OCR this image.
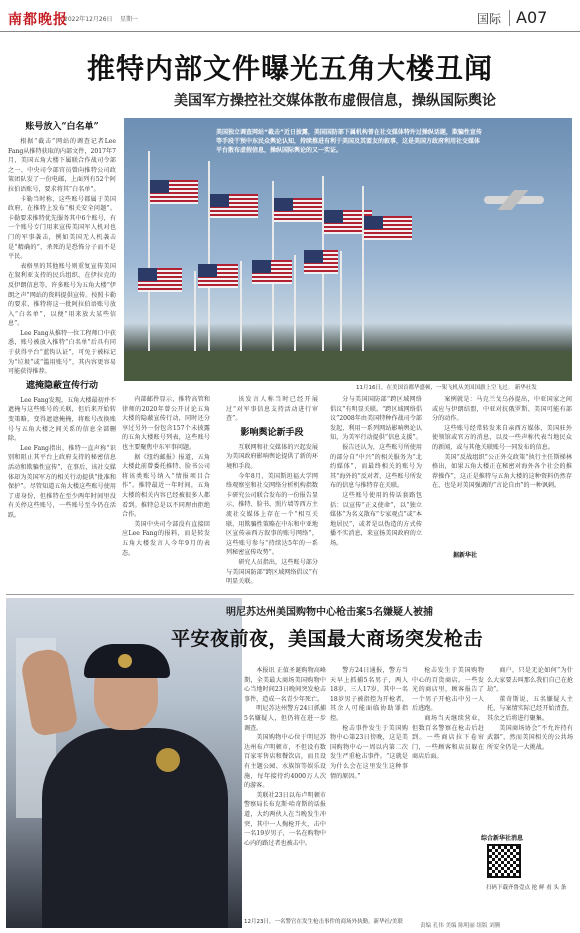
南都晚报
2022年12月26日 星期一	国际 A07
推特内部文件曝光五角大楼丑闻
美国军方操控社交媒体散布虚假信息，操纵国际舆论
账号放入“白名单”

根据“截击”网站的调查记者Lee Fang从推特获取的内部文件，2017年7月，美国五角大楼下属联合作战司令部之一、中央司令部官员曾向推特公司政策团队发了一份电邮，上面列有52个阿拉伯语账号，要求将其“白名单”。

卡勒当时称，这些账号都属于美国政府，在推特上发布“相关安全问题”。卡勒要求推特优先服务其中6个账号，有一个账号专门用来宣传美国军人机对也门的军事袭击，例如美国无人机袭击是“精确的”，杀死的是恐怖分子而不是平民。

表格里的其他账号则重复宣传美国在叙利亚支持的民兵组织、在伊拉克的反伊朗信息等。许多账号为五角大楼“伊朗之声”网站的资料提供宣传。按照卡勒的要求，推特将这一批阿拉伯语账号放入“白名单”，以便“用来放大某些信息”。

Lee Fang从推特一位工程师口中获悉，账号被放入推特“白名单”后具有同于获得平台“蓝钩认证”，可免于被标记为“垃圾”或“滥用账号”，其内容更容易可能获得推荐。

遮掩隐蔽宣传行动

Lee Fang发现，五角大楼最初并不遮掩与这些账号的关联，但后来开始转变策略，变得遮遮掩掩，将账号改换账号与五角大楼之间关系的信息全部删除。

Lee Fang指出，推特一直声称“识别和阻止其平台上政府支持的秘密信息活动和欺骗性宣传”，在事后，该社交媒体却为美国军方的相关行动提供“批准和保护”。尽管知道五角大楼这些账号使用了虚身份，但推特在至少两年时间里没有关停这些账号，一些账号至今仍在活跃。

美国独立调查网站“截击”近日披露，美国国防部下属机构曾在社交媒体特许过操纵话题，欺骗性宣传等手段干预中东民众舆论认知，持续推进有利于美国及其盟友的叙事，这是美国方政府利用社交媒体平台散布虚假信息，操纵国际舆论的又一实证。
11月16日，在美国首都华盛顿，一架飞机从美国国旗上空飞过。 新华社发

内部邮件显示，推特高管和律师的2020年曾公开讨论五角大楼的隐蔽宣传行动，同时还分享过另外一份包含157个未披露的五角大楼账号列表，这些账号也主要聚焦中东军事问题。

据《纽约邮报》报道，五角大楼此前曾委托推特、脸书公司将该类账号纳入“情报项目合作”。推特最近一年时间，五角大楼的相关内容已经被很多人都看到。推特总是以不同理由拒绝合作。

美国中央司令部没有直接回应Lee Fang的报料，而是转发五角大楼发言人今年9月的表态。

该发言人称当时已经开展过“对军事信息支持活动进行审查”。

影响舆论新手段

互联网和社交媒体的兴起发展为美国政府影响舆论提供了新的环境和手段。

今年8月，美国斯坦福大学网络观察室和社交网络分析机构指数卡研究公司联合发布的一份报告显示，推特、脸书、照片墙等西方主流社交媒体上存在一个“相互关联、用欺骗性策略在中东和中亚地区宣传亲西方叙事的账号网络”，这些账号参与“持续达5年的一系列秘密宣传攻势”。

研究人员指出，这些账号部分与美国国防部“跨区域网络倡议”有明显关联。

分与美国国防部“跨区域网络倡议”有明显关联。“跨区域网络倡议”2008年由美国特种作战司令部发起，利用一系列网站影响舆论认知，为美军行动提供“信息支援”。

报告还认为，这些账号所使用的部分自“中兴”的相关服务为“北约媒体”，而最终相关的账号为其“海外的”反对者，这些账号所发布的信息与推特存在关联。

这些账号使用的传话套路包括：以宣传“正义使命”，以“独立媒体”为名义散布“专家观点”或“本地居民”，或者是以伪造的方式传播不实消息，来宣扬美国政府的立场。

案例就是：马克兰戈乌孙提出，中亚国家之间或应与伊朗结盟，中亚对抗俄罗斯、美国可能有部分的动作。

这些账号经常转发来自亲西方媒体，美国驻外使领馆或官方的消息，以及一些声称代表当地民众的新闻，或与其他关联账号一同发布的信息。

美国“反战组织”公正外交政策“执行主任斯梯林格出，如果五角大楼正在秘密对海外各个社会的推荐操作”，这正是推特与五角大楼的这种资料仍然存在，也是对美国强调的“言论自由”的一种讽刺。

据新华社
12月23日，一名警官在发生枪击事件的商场外执勤。新华社/美联
明尼苏达州美国购物中心枪击案5名嫌疑人被捕
平安夜前夜，美国最大商场突发枪击

本报讯 正值圣诞购物高峰期，全美最大商场美国购物中心当地时间23日晚间突发枪击事件，造成一名青少年死亡。

明尼苏达州警方24日抓捕5名嫌疑人，但仍将在进一步调查。

美国购物中心位于明尼苏达州布卢明顿市，不但设有数百家零售店和餐饮店，而且设有主题公园、水族馆等娱乐设施，每年接待约4000万人次的游客。

美联社23日以布卢明顿市警察局长布克斯·哈奇斯的话报道，大约两伙人在当晚发生冲突，其中一人掏枪开火，击中一名19岁男子，一名在购物中心内的路过者也被击中。

警方24日通报，警方当天早上抓捕5名男子，两人18岁、三人17岁，其中一名18岁男子被指控为开枪者，其余人可能面临协助罪指控。

枪击事件发生于美国购物中心第23日傍晚，这是美国购物中心一周以内第二次发生严重枪击事件。“这就是为什么会在这里发生这种事情的原因。”

枪击发生于美国购物中心的百货商店。一些发光的商店里，顾客报告了一个男子开枪击中另一人后逃跑。

商场当天继续营业，但数百名警察在枪击后赶到。一些商店拉下卷帘门，一些顾客和店员躲在商店后面。

商户，只是无论如何“为什么大家要去叫那么我们自己在抢劫”。

董奇斯说，五名嫌疑人主托，与案情实际已经开始清查，其余之后将进行聚集。

美国商场协会“不允许持有武器”，然而美国相关的公共场所安全仍是一大挑战。

综合新华社消息
扫码下载齐鲁壹点 抢 鲜 看 头 条
责编 孔伟 美编 陈明丽 组版 刘腾
